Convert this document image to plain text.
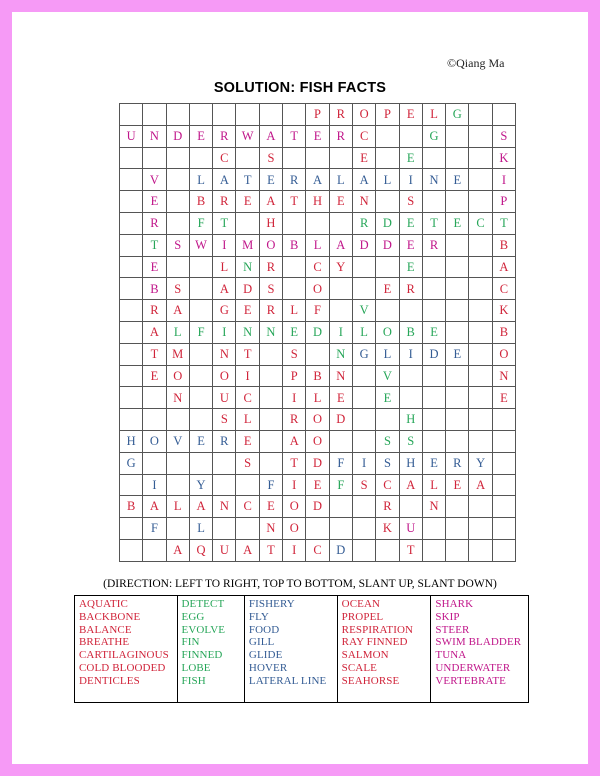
©Qiang Ma
SOLUTION: FISH FACTS
								P	R	O	P	E	L	G		
U	N	D	E	R	W	A	T	E	R	C			G			S
				C		S				E		E				K
	V		L	A	T	E	R	A	L	A	L	I	N	E		I
	E		B	R	E	A	T	H	E	N		S				P
	R		F	T		H				R	D	E	T	E	C	T
	T	S	W	I	M	O	B	L	A	D	D	E	R			B
	E			L	N	R		C	Y			E				A
	B	S		A	D	S		O			E	R				C
	R	A		G	E	R	L	F		V						K
	A	L	F	I	N	N	E	D	I	L	O	B	E			B
	T	M		N	T		S		N	G	L	I	D	E		O
	E	O		O	I		P	B	N		V					N
		N		U	C		I	L	E		E					E
				S	L		R	O	D			H				
H	O	V	E	R	E		A	O			S	S				
G					S		T	D	F	I	S	H	E	R	Y	
	I		Y			F	I	E	F	S	C	A	L	E	A	
B	A	L	A	N	C	E	O	D			R		N			
	F		L			N	O				K	U				
		A	Q	U	A	T	I	C	D			T				
(DIRECTION: LEFT TO RIGHT, TOP TO BOTTOM, SLANT UP, SLANT DOWN)
AQUATIC
BACKBONE
BALANCE
BREATHE
CARTILAGINOUS
COLD BLOODED
DENTICLES
DETECT
EGG
EVOLVE
FIN
FINNED
LOBE
FISH
FISHERY
FLY
FOOD
GILL
GLIDE
HOVER
LATERAL LINE
OCEAN
PROPEL
RESPIRATION
RAY FINNED
SALMON
SCALE
SEAHORSE
SHARK
SKIP
STEER
SWIM BLADDER
TUNA
UNDERWATER
VERTEBRATE
